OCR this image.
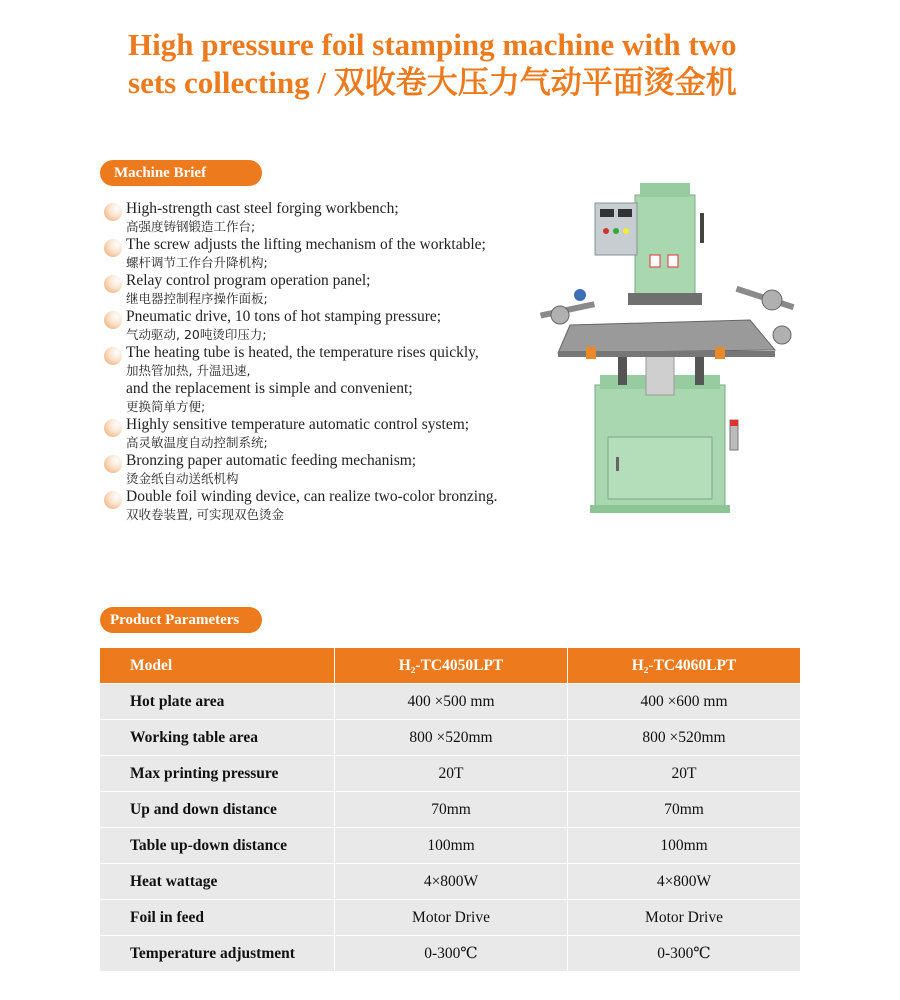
High pressure foil stamping machine with two
sets collecting / 双收卷大压力气动平面烫金机
Machine Brief
High-strength cast steel forging workbench;
高强度铸钢锻造工作台;
The screw adjusts the lifting mechanism of the worktable;
螺杆调节工作台升降机构;
Relay control program operation panel;
继电器控制程序操作面板;
Pneumatic drive, 10 tons of hot stamping pressure;
气动驱动, 20吨烫印压力;
The heating tube is heated, the temperature rises quickly,
加热管加热, 升温迅速,
and the replacement is simple and convenient;
更换简单方便;
Highly sensitive temperature automatic control system;
高灵敏温度自动控制系统;
Bronzing paper automatic feeding mechanism;
烫金纸自动送纸机构
Double foil winding device, can realize two-color bronzing.
双收卷装置, 可实现双色烫金
Product Parameters
Model	H₂-TC4050LPT	H₂-TC4060LPT
Hot plate area	400 ×500 mm	400 ×600 mm
Working table area	800 ×520mm	800 ×520mm
Max printing pressure	20T	20T
Up and down distance	70mm	70mm
Table up-down distance	100mm	100mm
Heat wattage	4×800W	4×800W
Foil in feed	Motor Drive	Motor Drive
Temperature adjustment	0-300℃	0-300℃
